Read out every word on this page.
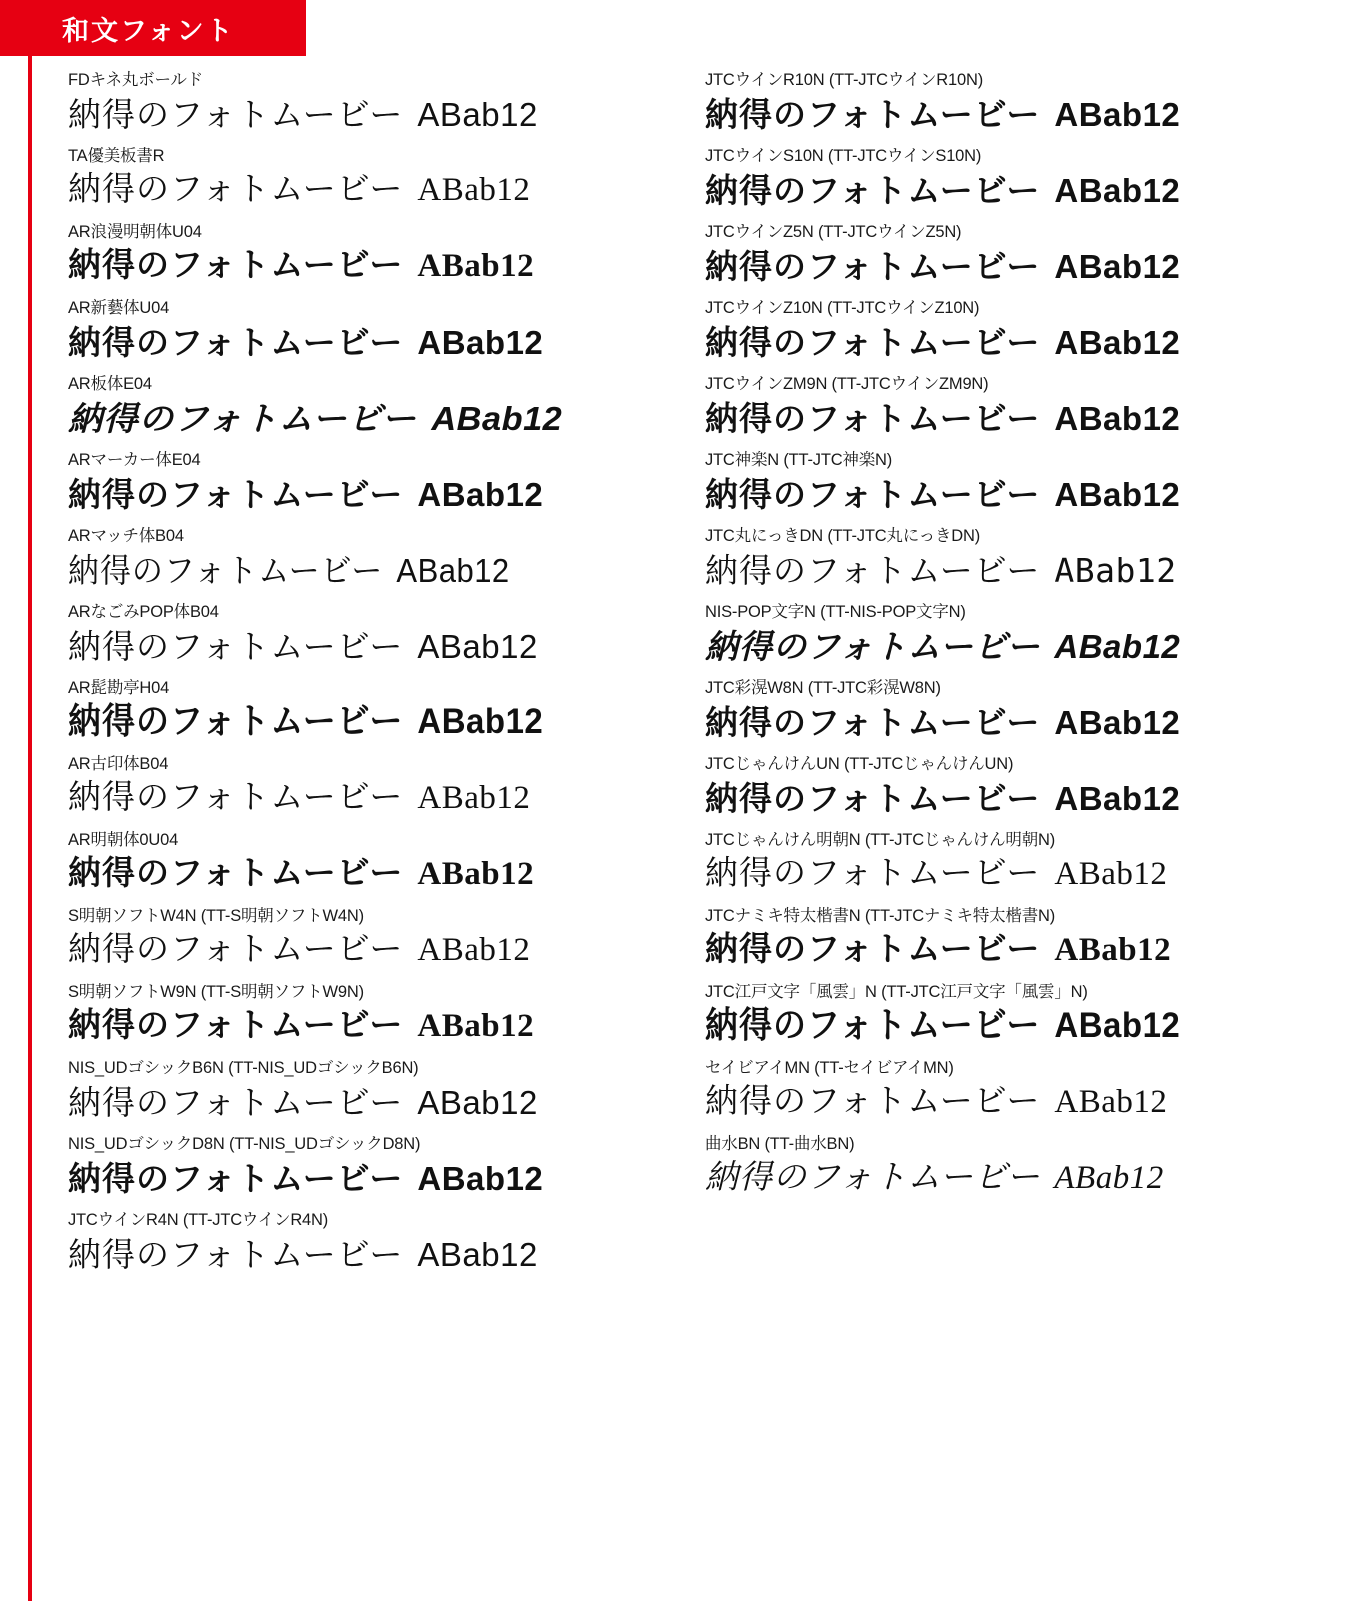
和文フォント
FDキネ丸ボールド
納得のフォトムービー ABab12
TA優美板書R
納得のフォトムービー ABab12
AR浪漫明朝体U04
納得のフォトムービー ABab12
AR新藝体U04
納得のフォトムービー ABab12
AR板体E04
納得のフォトムービー ABab12
ARマーカー体E04
納得のフォトムービー ABab12
ARマッチ体B04
納得のフォトムービー ABab12
ARなごみPOP体B04
納得のフォトムービー ABab12
AR髭勘亭H04
納得のフォトムービー ABab12
AR古印体B04
納得のフォトムービー ABab12
AR明朝体0U04
納得のフォトムービー ABab12
S明朝ソフトW4N (TT-S明朝ソフトW4N)
納得のフォトムービー ABab12
S明朝ソフトW9N (TT-S明朝ソフトW9N)
納得のフォトムービー ABab12
NIS_UDゴシックB6N (TT-NIS_UDゴシックB6N)
納得のフォトムービー ABab12
NIS_UDゴシックD8N (TT-NIS_UDゴシックD8N)
納得のフォトムービー ABab12
JTCウインR4N (TT-JTCウインR4N)
納得のフォトムービー ABab12
JTCウインR10N (TT-JTCウインR10N)
納得のフォトムービー ABab12
JTCウインS10N (TT-JTCウインS10N)
納得のフォトムービー ABab12
JTCウインZ5N (TT-JTCウインZ5N)
納得のフォトムービー ABab12
JTCウインZ10N (TT-JTCウインZ10N)
納得のフォトムービー ABab12
JTCウインZM9N (TT-JTCウインZM9N)
納得のフォトムービー ABab12
JTC神楽N (TT-JTC神楽N)
納得のフォトムービー ABab12
JTC丸にっきDN (TT-JTC丸にっきDN)
納得のフォトムービー ABab12
NIS-POP文字N (TT-NIS-POP文字N)
納得のフォトムービー ABab12
JTC彩滉W8N (TT-JTC彩滉W8N)
納得のフォトムービー ABab12
JTCじゃんけんUN (TT-JTCじゃんけんUN)
納得のフォトムービー ABab12
JTCじゃんけん明朝N (TT-JTCじゃんけん明朝N)
納得のフォトムービー ABab12
JTCナミキ特太楷書N (TT-JTCナミキ特太楷書N)
納得のフォトムービー ABab12
JTC江戸文字「風雲」N (TT-JTC江戸文字「風雲」N)
納得のフォトムービー ABab12
セイビアイMN (TT-セイビアイMN)
納得のフォトムービー ABab12
曲水BN (TT-曲水BN)
納得のフォトムービー ABab12
